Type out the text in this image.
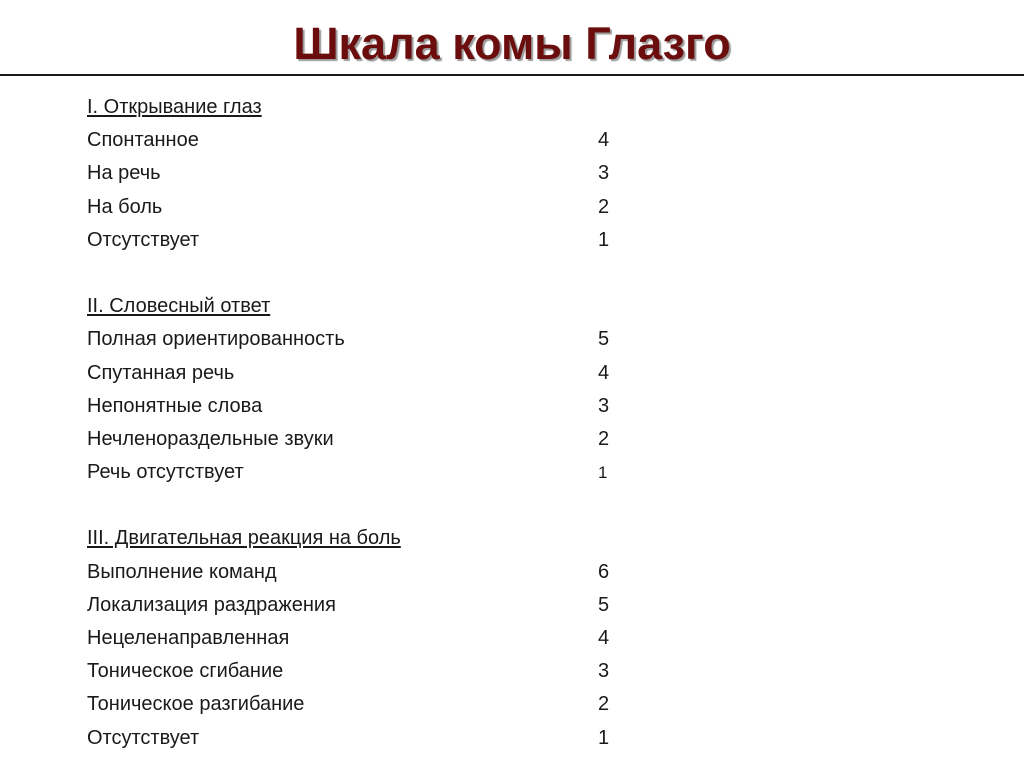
Шкала комы Глазго
I. Открывание глаз
Спонтанное	4
На речь	3
На боль	2
Отсутствует	1
II. Словесный ответ
Полная ориентированность	5
Спутанная речь	4
Непонятные слова	3
Нечленораздельные звуки	2
Речь отсутствует	1
III. Двигательная реакция на боль
Выполнение команд	6
Локализация раздражения	5
Нецеленаправленная	4
Тоническое сгибание	3
Тоническое разгибание	2
Отсутствует	1
